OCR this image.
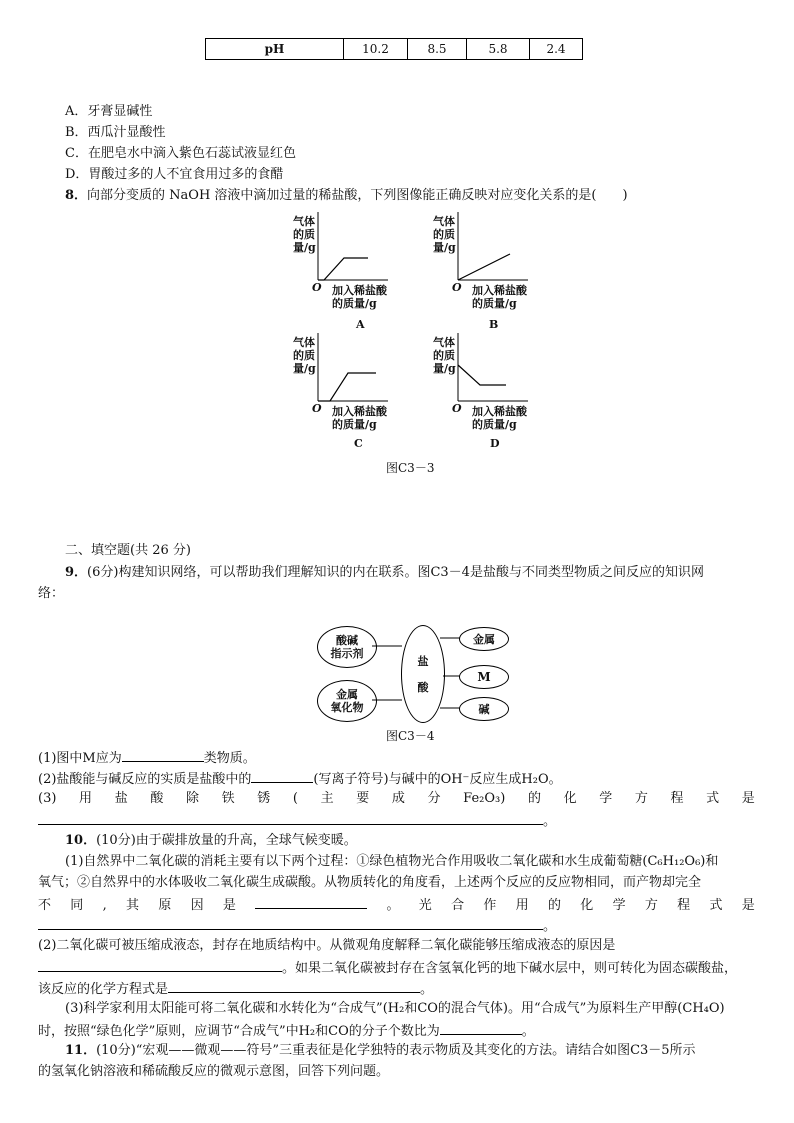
pH	10.2	8.5	5.8	2.4
A．牙膏显碱性
B．西瓜汁显酸性
C．在肥皂水中滴入紫色石蕊试液显红色
D．胃酸过多的人不宜食用过多的食醋
8．向部分变质的 NaOH 溶液中滴加过量的稀盐酸，下列图像能正确反映对应变化关系的是(　　)
气体
的质
量/g
O 加入稀盐酸
的质量/g
A
气体
的质
量/g
O 加入稀盐酸
的质量/g
B
气体
的质
量/g
O 加入稀盐酸
的质量/g
C
气体
的质
量/g
O 加入稀盐酸
的质量/g
D
图C3－3
二、填空题(共 26 分)
9．(6分)构建知识网络，可以帮助我们理解知识的内在联系。图C3－4是盐酸与不同类型物质之间反应的知识网
络：
酸碱
指示剂
金属
氧化物
盐

酸
金属
M
碱
图C3－4
(1)图中M应为	类物质。
(2)盐酸能与碱反应的实质是盐酸中的	(写离子符号)与碱中的OH⁻反应生成H₂O。
(3) 用 盐 酸 除 铁 锈 ( 主 要 成 分 Fe₂O₃) 的 化 学 方 程 式 是
。
10．(10分)由于碳排放量的升高，全球气候变暖。
(1)自然界中二氧化碳的消耗主要有以下两个过程：①绿色植物光合作用吸收二氧化碳和水生成葡萄糖(C₆H₁₂O₆)和
氧气；②自然界中的水体吸收二氧化碳生成碳酸。从物质转化的角度看，上述两个反应的反应物相同，而产物却完全
不 同 , 其 原 因 是	。 光 合 作 用 的 化 学 方 程 式 是
。
(2)二氧化碳可被压缩成液态，封存在地质结构中。从微观角度解释二氧化碳能够压缩成液态的原因是
。如果二氧化碳被封存在含氢氧化钙的地下碱水层中，则可转化为固态碳酸盐，
该反应的化学方程式是	。
(3)科学家利用太阳能可将二氧化碳和水转化为“合成气”(H₂和CO的混合气体)。用“合成气”为原料生产甲醇(CH₄O)
时，按照“绿色化学”原则，应调节“合成气”中H₂和CO的分子个数比为	。
11．(10分)“宏观——微观——符号”三重表征是化学独特的表示物质及其变化的方法。请结合如图C3－5所示
的氢氧化钠溶液和稀硫酸反应的微观示意图，回答下列问题。
